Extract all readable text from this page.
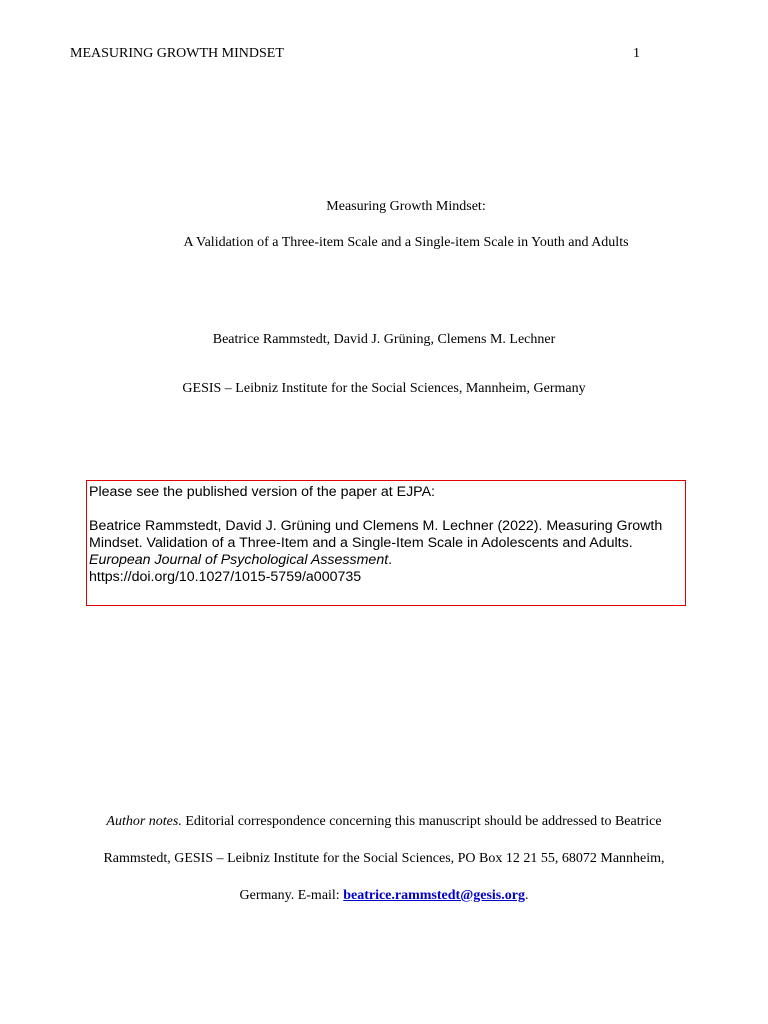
MEASURING GROWTH MINDSET	1
Measuring Growth Mindset:
A Validation of a Three-item Scale and a Single-item Scale in Youth and Adults
Beatrice Rammstedt, David J. Grüning, Clemens M. Lechner
GESIS – Leibniz Institute for the Social Sciences, Mannheim, Germany
Please see the published version of the paper at EJPA:
Beatrice Rammstedt, David J. Grüning und Clemens M. Lechner (2022). Measuring Growth Mindset. Validation of a Three-Item and a Single-Item Scale in Adolescents and Adults. European Journal of Psychological Assessment.
https://doi.org/10.1027/1015-5759/a000735
Author notes. Editorial correspondence concerning this manuscript should be addressed to Beatrice
Rammstedt, GESIS – Leibniz Institute for the Social Sciences, PO Box 12 21 55, 68072 Mannheim,
Germany. E-mail: beatrice.rammstedt@gesis.org.
